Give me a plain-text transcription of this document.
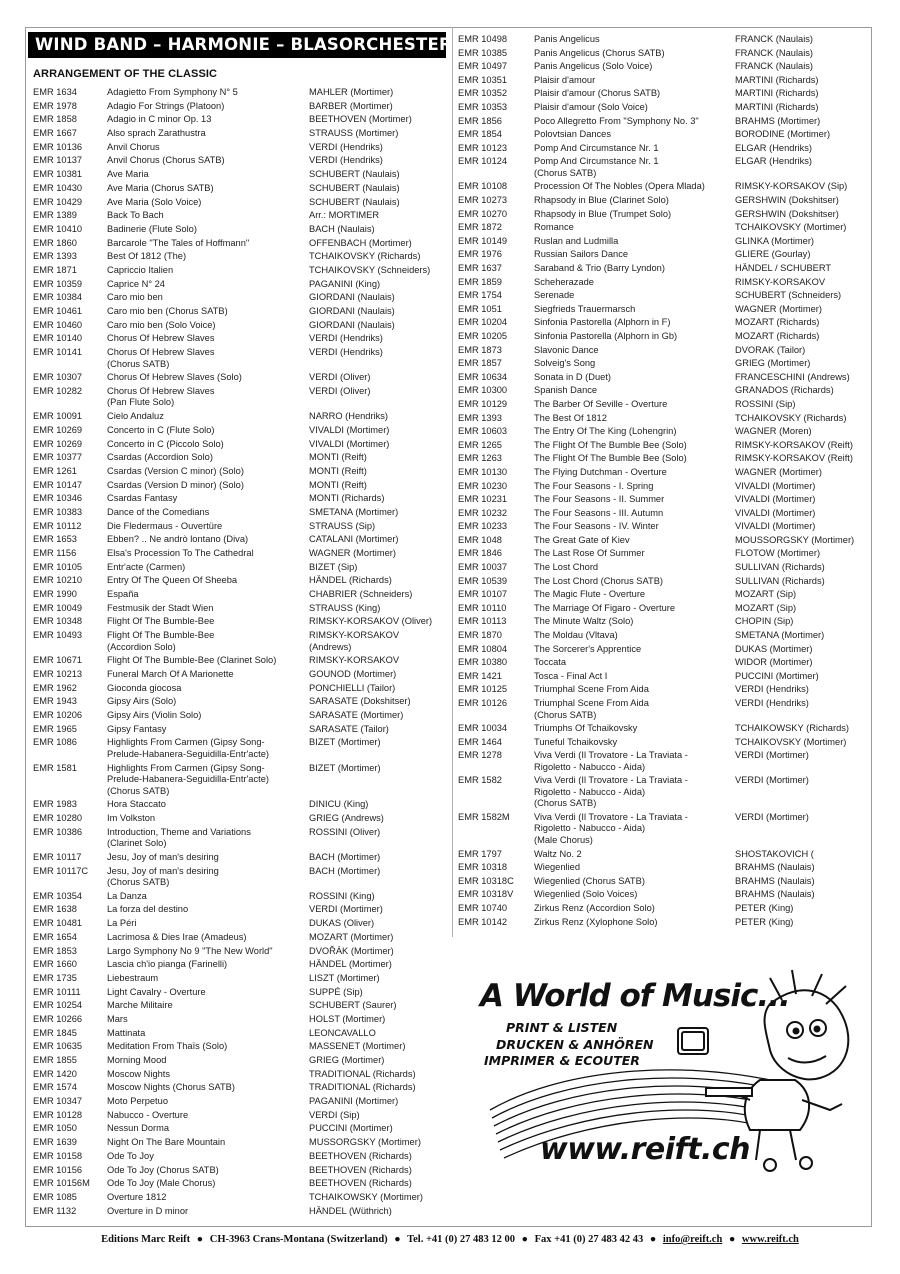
WIND BAND – HARMONIE – BLASORCHESTER
ARRANGEMENT OF THE CLASSIC
EMR 1634	Adagietto From Symphony N° 5	MAHLER (Mortimer)
EMR 1978	Adagio For Strings (Platoon)	BARBER (Mortimer)
EMR 1858	Adagio in C minor Op. 13	BEETHOVEN (Mortimer)
EMR 1667	Also sprach Zarathustra	STRAUSS (Mortimer)
EMR 10136	Anvil Chorus	VERDI (Hendriks)
EMR 10137	Anvil Chorus (Chorus SATB)	VERDI (Hendriks)
EMR 10381	Ave Maria	SCHUBERT (Naulais)
EMR 10430	Ave Maria (Chorus SATB)	SCHUBERT (Naulais)
EMR 10429	Ave Maria (Solo Voice)	SCHUBERT (Naulais)
EMR 1389	Back To Bach	Arr.: MORTIMER
EMR 10410	Badinerie (Flute Solo)	BACH (Naulais)
EMR 1860	Barcarole "The Tales of Hoffmann"	OFFENBACH (Mortimer)
EMR 1393	Best Of 1812 (The)	TCHAIKOVSKY (Richards)
EMR 1871	Capriccio Italien	TCHAIKOVSKY (Schneiders)
EMR 10359	Caprice N° 24	PAGANINI (King)
EMR 10384	Caro mio ben	GIORDANI (Naulais)
EMR 10461	Caro mio ben (Chorus SATB)	GIORDANI (Naulais)
EMR 10460	Caro mio ben (Solo Voice)	GIORDANI (Naulais)
EMR 10140	Chorus Of Hebrew Slaves	VERDI (Hendriks)
EMR 10141	Chorus Of Hebrew Slaves
(Chorus SATB)
VERDI (Hendriks)
EMR 10307	Chorus Of Hebrew Slaves (Solo)	VERDI (Oliver)
EMR 10282	Chorus Of Hebrew Slaves
(Pan Flute Solo)
VERDI (Oliver)
EMR 10091	Cielo Andaluz	NARRO (Hendriks)
EMR 10269	Concerto in C (Flute Solo)	VIVALDI (Mortimer)
EMR 10269	Concerto in C (Piccolo Solo)	VIVALDI (Mortimer)
EMR 10377	Csardas (Accordion Solo)	MONTI (Reift)
EMR 1261	Csardas (Version C minor) (Solo)	MONTI (Reift)
EMR 10147	Csardas (Version D minor) (Solo)	MONTI (Reift)
EMR 10346	Csardas Fantasy	MONTI (Richards)
EMR 10383	Dance of the Comedians	SMETANA (Mortimer)
EMR 10112	Die Fledermaus - Ouvertüre	STRAUSS (Sip)
EMR 1653	Ebben? .. Ne andrò lontano (Diva)	CATALANI (Mortimer)
EMR 1156	Elsa's Procession To The Cathedral	WAGNER (Mortimer)
EMR 10105	Entr'acte (Carmen)	BIZET (Sip)
EMR 10210	Entry Of The Queen Of Sheeba	HÄNDEL (Richards)
EMR 1990	España	CHABRIER (Schneiders)
EMR 10049	Festmusik der Stadt Wien	STRAUSS (King)
EMR 10348	Flight Of The Bumble-Bee	RIMSKY-KORSAKOV (Oliver)
EMR 10493	Flight Of The Bumble-Bee
(Accordion Solo)
RIMSKY-KORSAKOV
(Andrews)
EMR 10671	Flight Of The Bumble-Bee (Clarinet Solo)	RIMSKY-KORSAKOV
EMR 10213	Funeral March Of A Marionette	GOUNOD (Mortimer)
EMR 1962	Gioconda giocosa	PONCHIELLI (Tailor)
EMR 1943	Gipsy Airs (Solo)	SARASATE (Dokshitser)
EMR 10206	Gipsy Airs (Violin Solo)	SARASATE (Mortimer)
EMR 1965	Gipsy Fantasy	SARASATE (Tailor)
EMR 1086	Highlights From Carmen (Gipsy Song-
Prelude-Habanera-Seguidilla-Entr'acte)
BIZET (Mortimer)
EMR 1581	Highlights From Carmen (Gipsy Song-
Prelude-Habanera-Seguidilla-Entr'acte)
(Chorus SATB)
BIZET (Mortimer)
EMR 1983	Hora Staccato	DINICU (King)
EMR 10280	Im Volkston	GRIEG (Andrews)
EMR 10386	Introduction, Theme and Variations
(Clarinet Solo)
ROSSINI (Oliver)
EMR 10117	Jesu, Joy of man's desiring	BACH (Mortimer)
EMR 10117C Jesu, Joy of man's desiring
(Chorus SATB)
BACH (Mortimer)
EMR 10354	La Danza	ROSSINI (King)
EMR 1638	La forza del destino	VERDI (Mortimer)
EMR 10481	La Péri	DUKAS (Oliver)
EMR 1654	Lacrimosa & Dies Irae (Amadeus)	MOZART (Mortimer)
EMR 1853	Largo Symphony No 9 "The New World"	DVOŘÁK (Mortimer)
EMR 1660	Lascia ch'io pianga (Farinelli)	HÄNDEL (Mortimer)
EMR 1735	Liebestraum	LISZT (Mortimer)
EMR 10111	Light Cavalry - Overture	SUPPÉ (Sip)
EMR 10254	Marche Militaire	SCHUBERT (Saurer)
EMR 10266	Mars	HOLST (Mortimer)
EMR 1845	Mattinata	LEONCAVALLO
EMR 10635	Meditation From Thaïs (Solo)	MASSENET (Mortimer)
EMR 1855	Morning Mood	GRIEG (Mortimer)
EMR 1420	Moscow Nights	TRADITIONAL (Richards)
EMR 1574	Moscow Nights (Chorus SATB)	TRADITIONAL (Richards)
EMR 10347	Moto Perpetuo	PAGANINI (Mortimer)
EMR 10128	Nabucco - Overture	VERDI (Sip)
EMR 1050	Nessun Dorma	PUCCINI (Mortimer)
EMR 1639	Night On The Bare Mountain	MUSSORGSKY (Mortimer)
EMR 10158	Ode To Joy	BEETHOVEN (Richards)
EMR 10156	Ode To Joy (Chorus SATB)	BEETHOVEN (Richards)
EMR 10156M Ode To Joy (Male Chorus)	BEETHOVEN (Richards)
EMR 1085	Overture 1812	TCHAIKOWSKY (Mortimer)
EMR 1132	Overture in D minor	HÄNDEL (Wüthrich)
EMR 10498	Panis Angelicus	FRANCK (Naulais)
EMR 10385	Panis Angelicus (Chorus SATB)	FRANCK (Naulais)
EMR 10497	Panis Angelicus (Solo Voice)	FRANCK (Naulais)
EMR 10351	Plaisir d'amour	MARTINI (Richards)
EMR 10352	Plaisir d'amour (Chorus SATB)	MARTINI (Richards)
EMR 10353	Plaisir d'amour (Solo Voice)	MARTINI (Richards)
EMR 1856	Poco Allegretto From "Symphony No. 3"	BRAHMS (Mortimer)
EMR 1854	Polovtsian Dances	BORODINE (Mortimer)
EMR 10123	Pomp And Circumstance Nr. 1	ELGAR (Hendriks)
EMR 10124	Pomp And Circumstance Nr. 1
(Chorus SATB)
ELGAR (Hendriks)
EMR 10108	Procession Of The Nobles (Opera Mlada)	RIMSKY-KORSAKOV (Sip)
EMR 10273	Rhapsody in Blue (Clarinet Solo)	GERSHWIN (Dokshitser)
EMR 10270	Rhapsody in Blue (Trumpet Solo)	GERSHWIN (Dokshitser)
EMR 1872	Romance	TCHAIKOVSKY (Mortimer)
EMR 10149	Ruslan and Ludmilla	GLINKA (Mortimer)
EMR 1976	Russian Sailors Dance	GLIERE (Gourlay)
EMR 1637	Saraband & Trio (Barry Lyndon)	HÄNDEL / SCHUBERT
EMR 1859	Scheherazade	RIMSKY-KORSAKOV
EMR 1754	Serenade	SCHUBERT (Schneiders)
EMR 1051	Siegfrieds Trauermarsch	WAGNER (Mortimer)
EMR 10204	Sinfonia Pastorella (Alphorn in F)	MOZART (Richards)
EMR 10205	Sinfonia Pastorella (Alphorn in Gb)	MOZART (Richards)
EMR 1873	Slavonic Dance	DVORAK (Tailor)
EMR 1857	Solveig's Song	GRIEG (Mortimer)
EMR 10634	Sonata in D (Duet)	FRANCESCHINI (Andrews)
EMR 10300	Spanish Dance	GRANADOS (Richards)
EMR 10129	The Barber Of Seville - Overture	ROSSINI (Sip)
EMR 1393	The Best Of 1812	TCHAIKOVSKY (Richards)
EMR 10603	The Entry Of The King (Lohengrin)	WAGNER (Moren)
EMR 1265	The Flight Of The Bumble Bee (Solo)	RIMSKY-KORSAKOV (Reift)
EMR 1263	The Flight Of The Bumble Bee (Solo)	RIMSKY-KORSAKOV (Reift)
EMR 10130	The Flying Dutchman - Overture	WAGNER (Mortimer)
EMR 10230	The Four Seasons - I. Spring	VIVALDI (Mortimer)
EMR 10231	The Four Seasons - II. Summer	VIVALDI (Mortimer)
EMR 10232	The Four Seasons - III. Autumn	VIVALDI (Mortimer)
EMR 10233	The Four Seasons - IV. Winter	VIVALDI (Mortimer)
EMR 1048	The Great Gate of Kiev	MOUSSORGSKY (Mortimer)
EMR 1846	The Last Rose Of Summer	FLOTOW (Mortimer)
EMR 10037	The Lost Chord	SULLIVAN (Richards)
EMR 10539	The Lost Chord (Chorus SATB)	SULLIVAN (Richards)
EMR 10107	The Magic Flute - Overture	MOZART (Sip)
EMR 10110	The Marriage Of Figaro - Overture	MOZART (Sip)
EMR 10113	The Minute Waltz (Solo)	CHOPIN (Sip)
EMR 1870	The Moldau (Vltava)	SMETANA (Mortimer)
EMR 10804	The Sorcerer's Apprentice	DUKAS (Mortimer)
EMR 10380	Toccata	WIDOR (Mortimer)
EMR 1421	Tosca - Final Act I	PUCCINI (Mortimer)
EMR 10125	Triumphal Scene From Aida	VERDI (Hendriks)
EMR 10126	Triumphal Scene From Aida
(Chorus SATB)
VERDI (Hendriks)
EMR 10034	Triumphs Of Tchaikovsky	TCHAIKOWSKY (Richards)
EMR 1464	Tuneful Tchaikovsky	TCHAIKOVSKY (Mortimer)
EMR 1278	Viva Verdi (Il Trovatore - La Traviata -
Rigoletto - Nabucco - Aida)
VERDI (Mortimer)
EMR 1582	Viva Verdi (Il Trovatore - La Traviata -
Rigoletto - Nabucco - Aida)
(Chorus SATB)
VERDI (Mortimer)
EMR 1582M	Viva Verdi (Il Trovatore - La Traviata -
Rigoletto - Nabucco - Aida)
(Male Chorus)
VERDI (Mortimer)
EMR 1797	Waltz No. 2	SHOSTAKOVICH (
EMR 10318	Wiegenlied	BRAHMS (Naulais)
EMR 10318C Wiegenlied (Chorus SATB)	BRAHMS (Naulais)
EMR 10318V Wiegenlied (Solo Voices)	BRAHMS (Naulais)
EMR 10740	Zirkus Renz (Accordion Solo)	PETER (King)
EMR 10142	Zirkus Renz (Xylophone Solo)	PETER (King)
A World of Music...
PRINT & LISTEN
DRUCKEN & ANHÖREN
IMPRIMER & ECOUTER
www.reift.ch
Editions Marc Reift ● CH-3963 Crans-Montana (Switzerland) ● Tel. +41 (0) 27 483 12 00 ● Fax +41 (0) 27 483 42 43 ● info@reift.ch ● www.reift.ch
